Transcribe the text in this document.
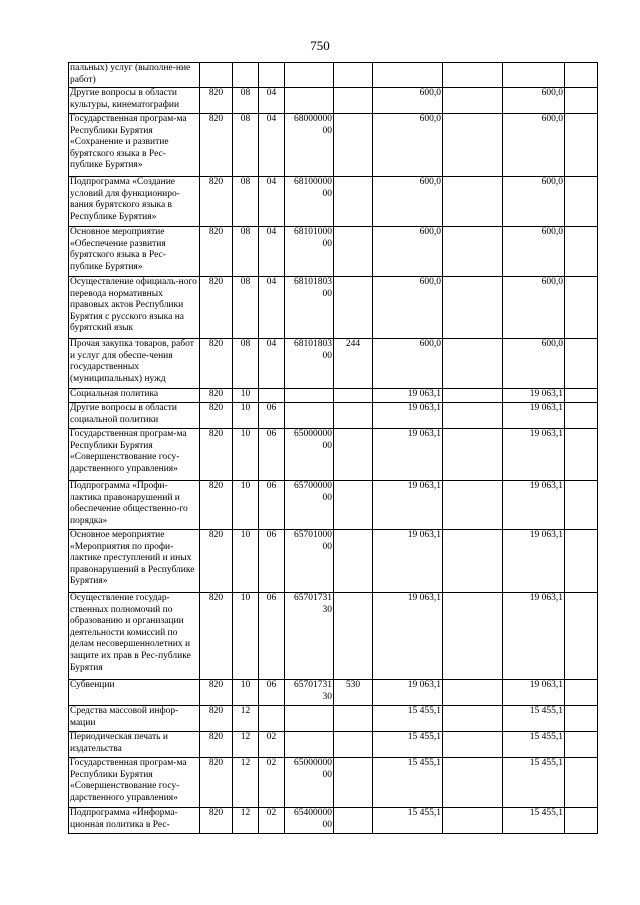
750
пальных) услуг (выполне-ние работ)									
Другие вопросы в области культуры, кинематографии	820	08	04			600,0		600,0	
Государственная програм-ма Республики Бурятия «Сохранение и развитие бурятского языка в Рес-публике Бурятия»	820	08	04	68000000 00		600,0		600,0	
Подпрограмма «Создание условий для функциониро-вания бурятского языка в Республике Бурятия»	820	08	04	68100000 00		600,0		600,0	
Основное мероприятие «Обеспечение развития бурятского языка в Рес-публике Бурятия»	820	08	04	68101000 00		600,0		600,0	
Осуществление официаль-ного перевода нормативных правовых актов Республики Бурятия с русского языка на бурятский язык	820	08	04	68101803 00		600,0		600,0	
Прочая закупка товаров, работ и услуг для обеспе-чения государственных (муниципальных) нужд	820	08	04	68101803 00	244	600,0		600,0	
Социальная политика	820	10				19 063,1		19 063,1	
Другие вопросы в области социальной политики	820	10	06			19 063,1		19 063,1	
Государственная програм-ма Республики Бурятия «Совершенствование госу-дарственного управления»	820	10	06	65000000 00		19 063,1		19 063,1	
Подпрограмма «Профи-лактика правонарушений и обеспечение общественно-го порядка»	820	10	06	65700000 00		19 063,1		19 063,1	
Основное мероприятие «Мероприятия по профи-лактике преступлений и иных правонарушений в Республике Бурятия»	820	10	06	65701000 00		19 063,1		19 063,1	
Осуществление государ-ственных полномочий по образованию и организации деятельности комиссий по делам несовершеннолетних и защите их прав в Рес-публике Бурятия	820	10	06	65701731 30		19 063,1		19 063,1	
Субвенции	820	10	06	65701731 30	530	19 063,1		19 063,1	
Средства массовой инфор-мации	820	12				15 455,1		15 455,1	
Периодическая печать и издательства	820	12	02			15 455,1		15 455,1	
Государственная програм-ма Республики Бурятия «Совершенствование госу-дарственного управления»	820	12	02	65000000 00		15 455,1		15 455,1	
Подпрограмма «Информа-ционная политика в Рес-	820	12	02	65400000 00		15 455,1		15 455,1	
